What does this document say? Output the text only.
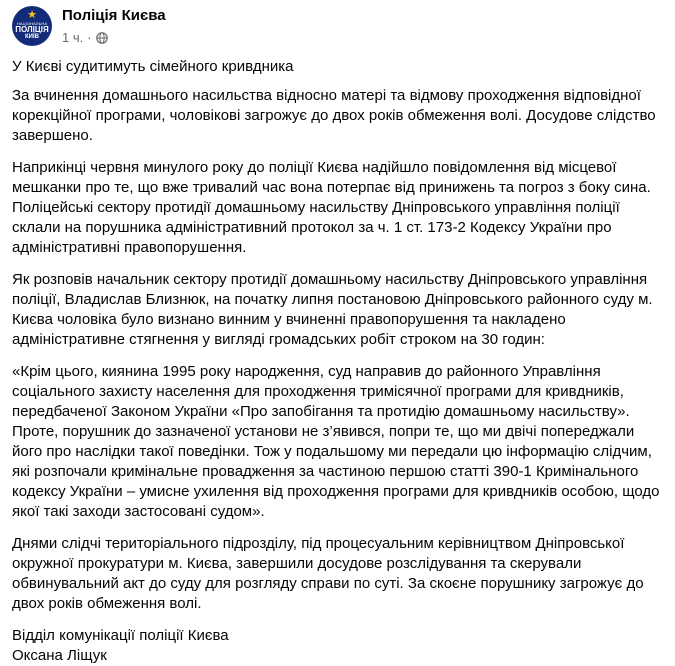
★
НАЦІОНАЛЬНА
ПОЛІЦІЯ
КИЇВ
Поліція Києва
1 ч. ·

У Києві судитимуть сімейного кривдника

За вчинення домашнього насильства відносно матері та відмову проходження відповідної корекційної програми, чоловікові загрожує до двох років обмеження волі. Досудове слідство завершено.

Наприкінці червня минулого року до поліції Києва надійшло повідомлення від місцевої мешканки про те, що вже тривалий час вона потерпає від принижень та погроз з боку сина. Поліцейські сектору протидії домашньому насильству Дніпровського управління поліції склали на порушника адміністративний протокол за ч. 1 ст. 173-2 Кодексу України про адміністративні правопорушення.

Як розповів начальник сектору протидії домашньому насильству Дніпровського управління поліції, Владислав Близнюк, на початку липня постановою Дніпровського районного суду м. Києва чоловіка було визнано винним у вчиненні правопорушення та накладено адміністративне стягнення у вигляді громадських робіт строком на 30 годин:

«Крім цього, киянина 1995 року народження, суд направив до районного Управління соціального захисту населення для проходження тримісячної програми для кривдників, передбаченої Законом України «Про запобігання та протидію домашньому насильству». Проте, порушник до зазначеної установи не з’явився, попри те, що ми двічі попереджали його про наслідки такої поведінки. Тож у подальшому ми передали цю інформацію слідчим, які розпочали кримінальне провадження за частиною першою статті 390-1 Кримінального кодексу України – умисне ухилення від проходження програми для кривдників особою, щодо якої такі заходи застосовані судом».

Днями слідчі територіального підрозділу, під процесуальним керівництвом Дніпровської окружної прокуратури м. Києва, завершили досудове розслідування та скерували обвинувальний акт до суду для розгляду справи по суті. За скоєне порушнику загрожує до двох років обмеження волі.

Відділ комунікації поліції Києва

Оксана Ліщук
